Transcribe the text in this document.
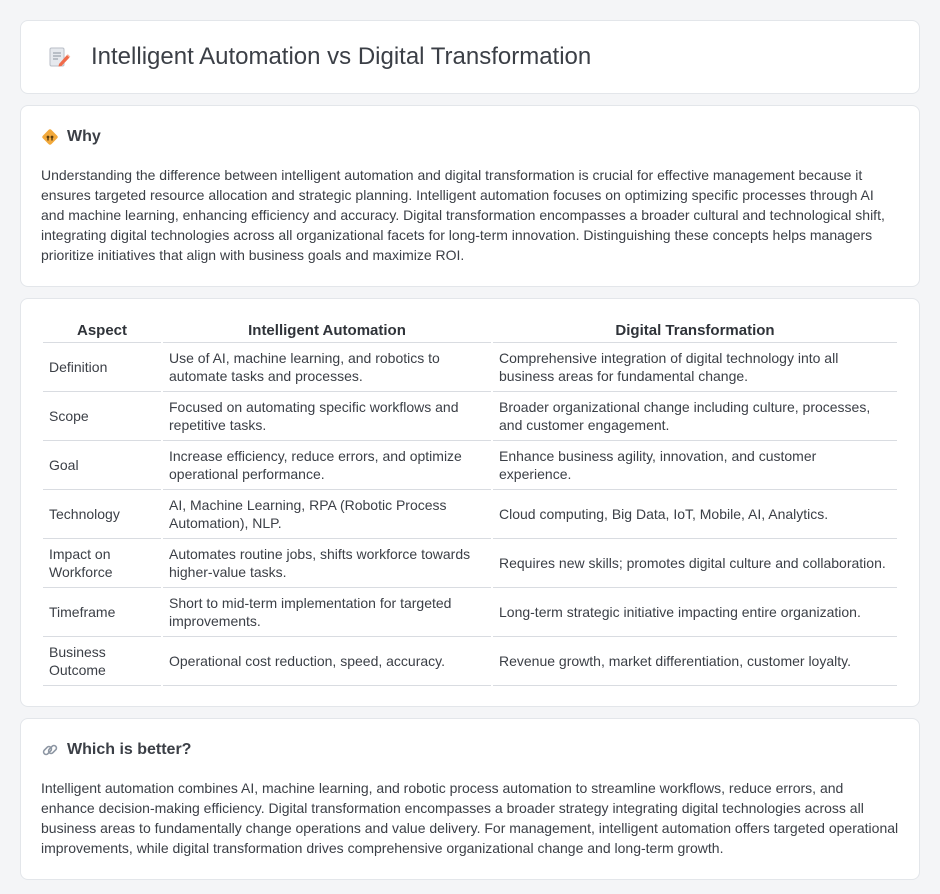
Intelligent Automation vs Digital Transformation
Why

Understanding the difference between intelligent automation and digital transformation is crucial for effective management because it ensures targeted resource allocation and strategic planning. Intelligent automation focuses on optimizing specific processes through AI and machine learning, enhancing efficiency and accuracy. Digital transformation encompasses a broader cultural and technological shift, integrating digital technologies across all organizational facets for long-term innovation. Distinguishing these concepts helps managers prioritize initiatives that align with business goals and maximize ROI.

Aspect	Intelligent Automation	Digital Transformation
Definition	Use of AI, machine learning, and robotics to automate tasks and processes.	Comprehensive integration of digital technology into all business areas for fundamental change.
Scope	Focused on automating specific workflows and repetitive tasks.	Broader organizational change including culture, processes, and customer engagement.
Goal	Increase efficiency, reduce errors, and optimize operational performance.	Enhance business agility, innovation, and customer experience.
Technology	AI, Machine Learning, RPA (Robotic Process Automation), NLP.	Cloud computing, Big Data, IoT, Mobile, AI, Analytics.
Impact on Workforce	Automates routine jobs, shifts workforce towards higher-value tasks.	Requires new skills; promotes digital culture and collaboration.
Timeframe	Short to mid-term implementation for targeted improvements.	Long-term strategic initiative impacting entire organization.
Business Outcome	Operational cost reduction, speed, accuracy.	Revenue growth, market differentiation, customer loyalty.
Which is better?

Intelligent automation combines AI, machine learning, and robotic process automation to streamline workflows, reduce errors, and enhance decision-making efficiency. Digital transformation encompasses a broader strategy integrating digital technologies across all business areas to fundamentally change operations and value delivery. For management, intelligent automation offers targeted operational improvements, while digital transformation drives comprehensive organizational change and long-term growth.
